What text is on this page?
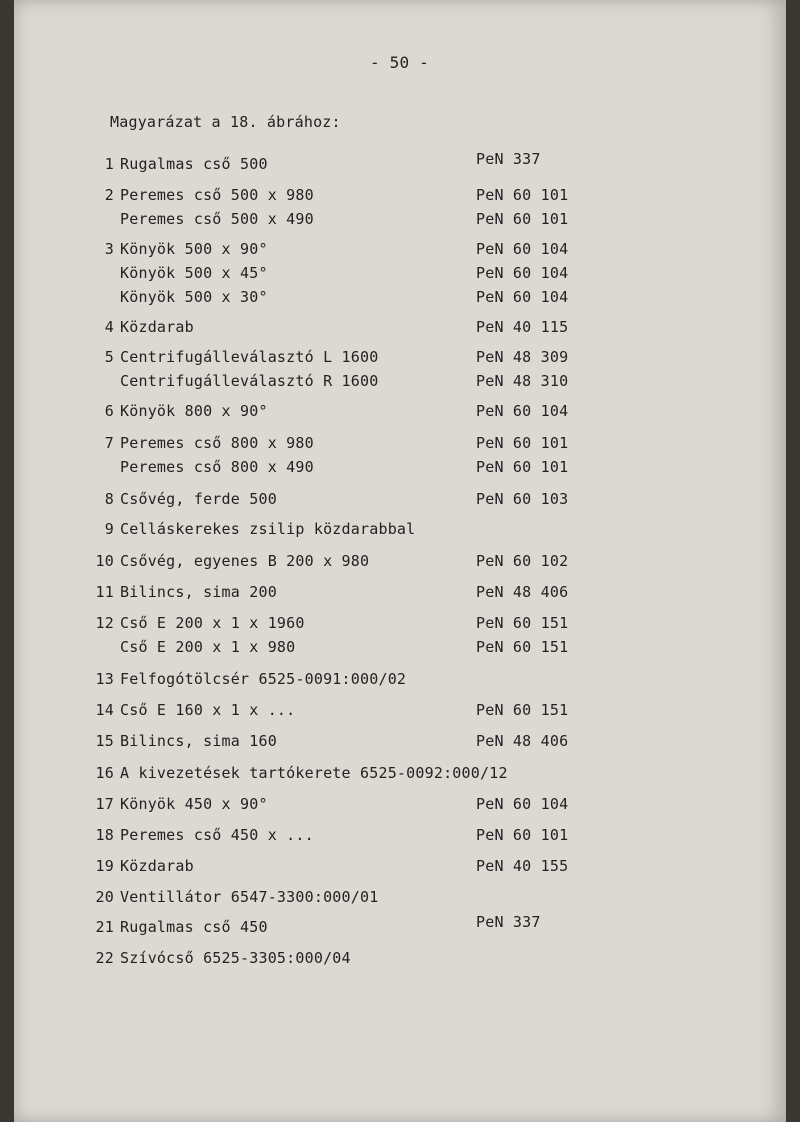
- 50 -
Magyarázat a 18. ábrához:
1 Rugalmas cső 500	PeN 337
2 Peremes cső 500 x 980	PeN 60 101
Peremes cső 500 x 490	PeN 60 101
3 Könyök 500 x 90°	PeN 60 104
Könyök 500 x 45°	PeN 60 104
Könyök 500 x 30°	PeN 60 104
4 Közdarab	PeN 40 115
5 Centrifugálleválasztó L 1600	PeN 48 309
Centrifugálleválasztó R 1600	PeN 48 310
6 Könyök 800 x 90°	PeN 60 104
7 Peremes cső 800 x 980	PeN 60 101
Peremes cső 800 x 490	PeN 60 101
8 Csővég, ferde 500	PeN 60 103
9 Celláskerekes zsilip közdarabbal
10 Csővég, egyenes B 200 x 980	PeN 60 102
11 Bilincs, sima 200	PeN 48 406
12 Cső E 200 x 1 x 1960	PeN 60 151
Cső E 200 x 1 x 980	PeN 60 151
13 Felfogótölcsér 6525-0091:000/02
14 Cső E 160 x 1 x ...	PeN 60 151
15 Bilincs, sima 160	PeN 48 406
16 A kivezetések tartókerete 6525-0092:000/12
17 Könyök 450 x 90°	PeN 60 104
18 Peremes cső 450 x ...	PeN 60 101
19 Közdarab	PeN 40 155
20 Ventillátor 6547-3300:000/01
21 Rugalmas cső 450	PeN 337
22 Szívócső 6525-3305:000/04
